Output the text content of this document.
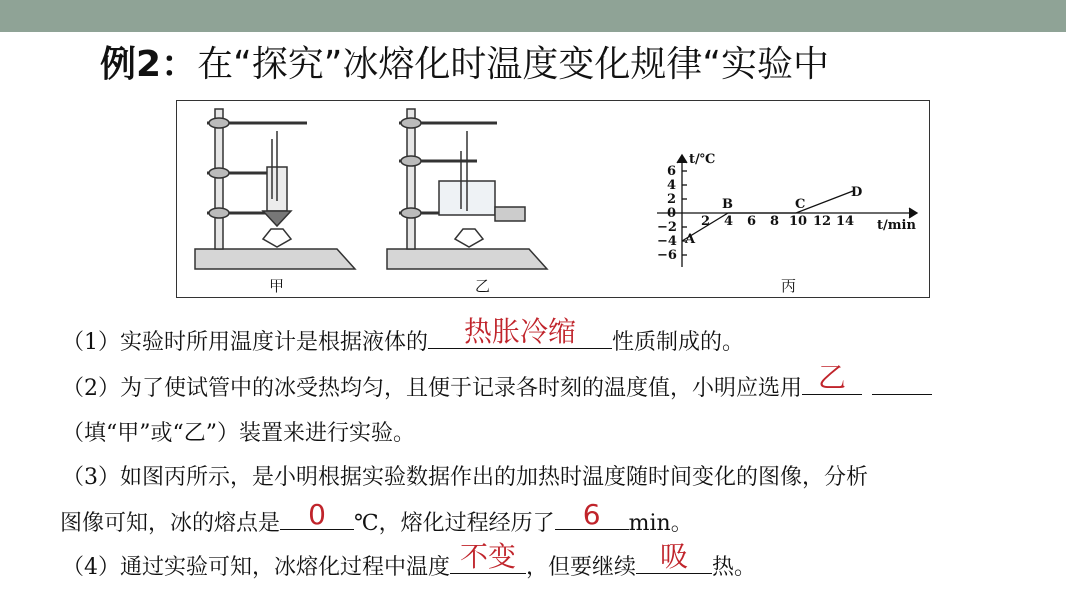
例2：在“探究”冰熔化时温度变化规律“实验中
甲	乙
t/℃
t/min
6
4
2
0
−2
−4
−6
2 4 6 8 10 12 14
A
B	C
D
丙
（1）实验时所用温度计是根据液体的	热胀冷缩	性质制成的。
（2）为了使试管中的冰受热均匀，且便于记录各时刻的温度值，小明应选用 乙
（填“甲”或“乙”）装置来进行实验。
（3）如图丙所示，是小明根据实验数据作出的加热时温度随时间变化的图像，分析
图像可知，冰的熔点是	0	℃，熔化过程经历了	6	min。
（4）通过实验可知，冰熔化过程中温度 不变 ，但要继续 吸	热。
